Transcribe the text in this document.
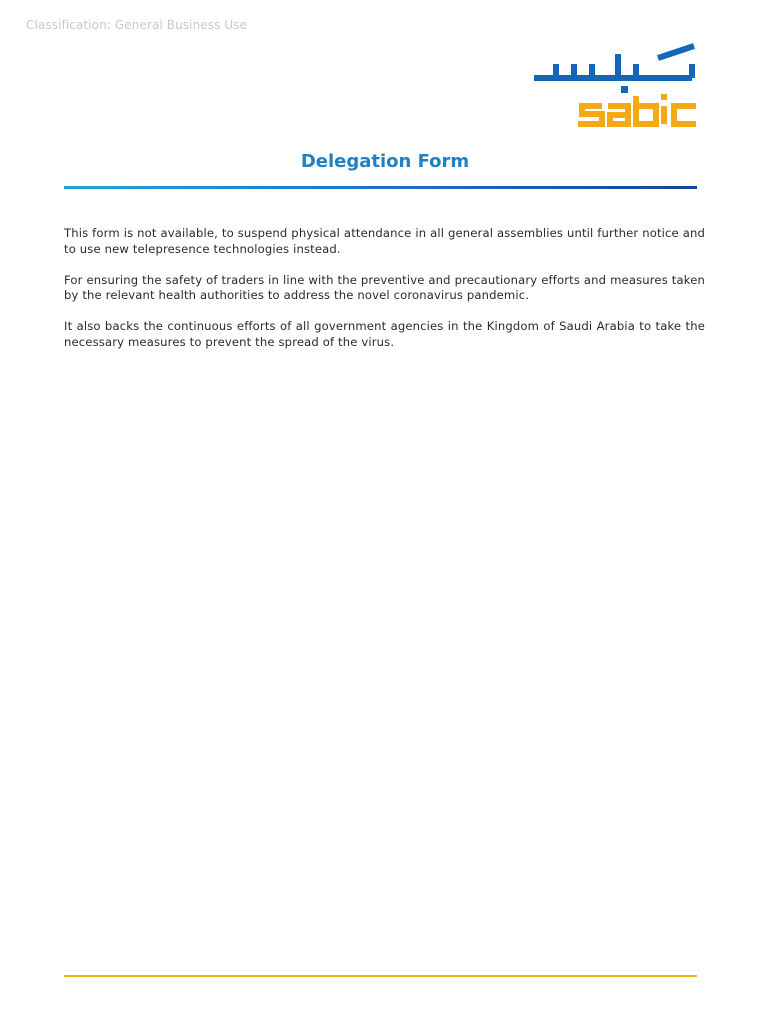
Classification: General Business Use
Delegation Form

This form is not available, to suspend physical attendance in all general assemblies until further notice and to use new telepresence technologies instead.

For ensuring the safety of traders in line with the preventive and precautionary efforts and measures taken by the relevant health authorities to address the novel coronavirus pandemic.

It also backs the continuous efforts of all government agencies in the Kingdom of Saudi Arabia to take the necessary measures to prevent the spread of the virus.
